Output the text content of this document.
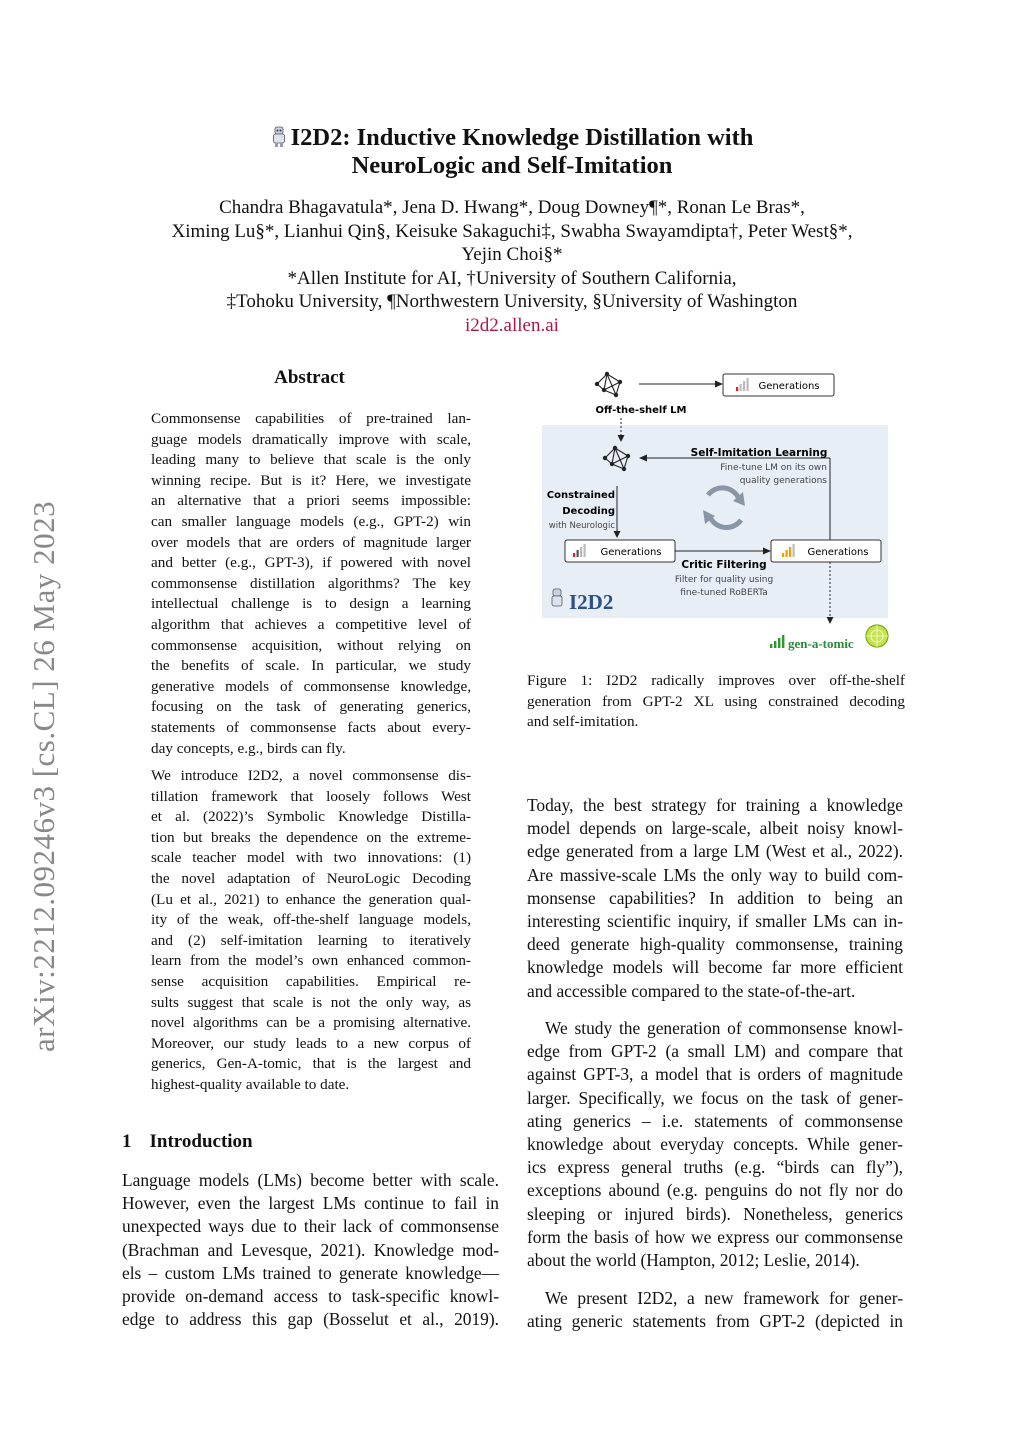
arXiv:2212.09246v3 [cs.CL] 26 May 2023
I2D2: Inductive Knowledge Distillation with
NeuroLogic and Self-Imitation
Chandra Bhagavatula*, Jena D. Hwang*, Doug Downey¶*, Ronan Le Bras*,
Ximing Lu§*, Lianhui Qin§, Keisuke Sakaguchi‡, Swabha Swayamdipta†, Peter West§*,
Yejin Choi§*
*Allen Institute for AI, †University of Southern California,
‡Tohoku University, ¶Northwestern University, §University of Washington
i2d2.allen.ai
Abstract
Commonsense capabilities of pre-trained lan-
guage models dramatically improve with scale,
leading many to believe that scale is the only
winning recipe. But is it? Here, we investigate
an alternative that a priori seems impossible:
can smaller language models (e.g., GPT-2) win
over models that are orders of magnitude larger
and better (e.g., GPT-3), if powered with novel
commonsense distillation algorithms? The key
intellectual challenge is to design a learning
algorithm that achieves a competitive level of
commonsense acquisition, without relying on
the benefits of scale. In particular, we study
generative models of commonsense knowledge,
focusing on the task of generating generics,
statements of commonsense facts about every-
day concepts, e.g., birds can fly.
We introduce I2D2, a novel commonsense dis-
tillation framework that loosely follows West
et al. (2022)’s Symbolic Knowledge Distilla-
tion but breaks the dependence on the extreme-
scale teacher model with two innovations: (1)
the novel adaptation of NeuroLogic Decoding
(Lu et al., 2021) to enhance the generation qual-
ity of the weak, off-the-shelf language models,
and (2) self-imitation learning to iteratively
learn from the model’s own enhanced common-
sense acquisition capabilities. Empirical re-
sults suggest that scale is not the only way, as
novel algorithms can be a promising alternative.
Moreover, our study leads to a new corpus of
generics, Gen-A-tomic, that is the largest and
highest-quality available to date.
1 Introduction
Language models (LMs) become better with scale.
However, even the largest LMs continue to fail in
unexpected ways due to their lack of commonsense
(Brachman and Levesque, 2021). Knowledge mod-
els – custom LMs trained to generate knowledge—
provide on-demand access to task-specific knowl-
edge to address this gap (Bosselut et al., 2019).
Off-the-shelf LM
Generations
Self-Imitation Learning
Fine-tune LM on its own
quality generations
Constrained
Decoding
with Neurologic
Generations	Generations
Critic Filtering
Filter for quality using
fine-tuned RoBERTa
I2D2
gen-a-tomic
Figure 1: I2D2 radically improves over off-the-shelf
generation from GPT-2 XL using constrained decoding
and self-imitation.
Today, the best strategy for training a knowledge
model depends on large-scale, albeit noisy knowl-
edge generated from a large LM (West et al., 2022).
Are massive-scale LMs the only way to build com-
monsense capabilities? In addition to being an
interesting scientific inquiry, if smaller LMs can in-
deed generate high-quality commonsense, training
knowledge models will become far more efficient
and accessible compared to the state-of-the-art.
We study the generation of commonsense knowl-
edge from GPT-2 (a small LM) and compare that
against GPT-3, a model that is orders of magnitude
larger. Specifically, we focus on the task of gener-
ating generics – i.e. statements of commonsense
knowledge about everyday concepts. While gener-
ics express general truths (e.g. “birds can fly”),
exceptions abound (e.g. penguins do not fly nor do
sleeping or injured birds). Nonetheless, generics
form the basis of how we express our commonsense
about the world (Hampton, 2012; Leslie, 2014).
We present I2D2, a new framework for gener-
ating generic statements from GPT-2 (depicted in
